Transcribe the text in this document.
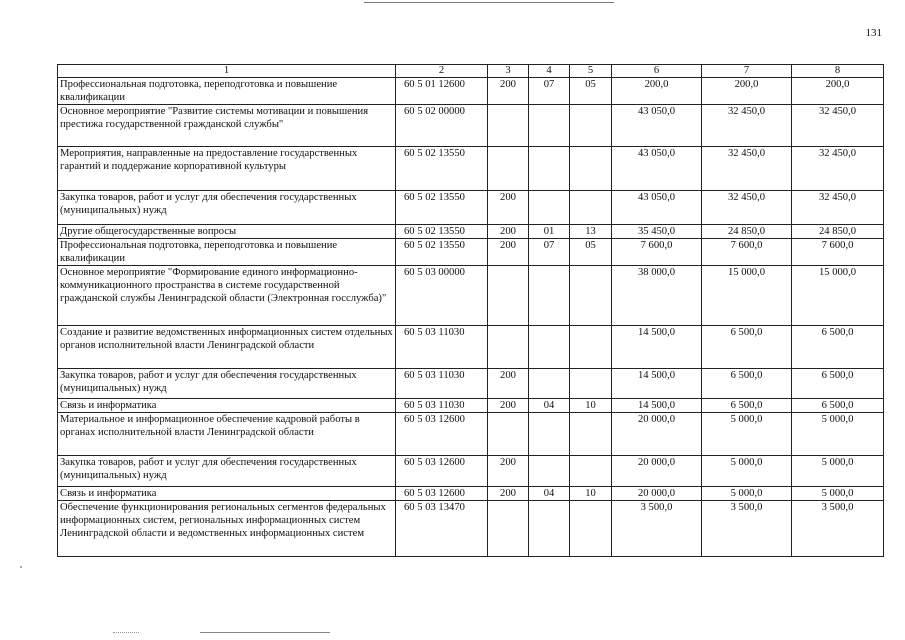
131
1	2	3	4	5	6	7	8
Профессиональная подготовка, переподготовка и повышение квалификации	60 5 01 12600	200	07	05	200,0	200,0	200,0
Основное мероприятие "Развитие системы мотивации и повышения престижа государственной гражданской службы"	60 5 02 00000				43 050,0	32 450,0	32 450,0
Мероприятия, направленные на предоставление государственных гарантий и поддержание корпоративной культуры	60 5 02 13550				43 050,0	32 450,0	32 450,0
Закупка товаров, работ и услуг для обеспечения государственных (муниципальных) нужд	60 5 02 13550	200			43 050,0	32 450,0	32 450,0
Другие общегосударственные вопросы	60 5 02 13550	200	01	13	35 450,0	24 850,0	24 850,0
Профессиональная подготовка, переподготовка и повышение квалификации	60 5 02 13550	200	07	05	7 600,0	7 600,0	7 600,0
Основное мероприятие "Формирование единого информационно-коммуникационного пространства в системе государственной гражданской службы Ленинградской области (Электронная госслужба)"	60 5 03 00000				38 000,0	15 000,0	15 000,0
Создание и развитие ведомственных информационных систем отдельных органов исполнительной власти Ленинградской области	60 5 03 11030				14 500,0	6 500,0	6 500,0
Закупка товаров, работ и услуг для обеспечения государственных (муниципальных) нужд	60 5 03 11030	200			14 500,0	6 500,0	6 500,0
Связь и информатика	60 5 03 11030	200	04	10	14 500,0	6 500,0	6 500,0
Материальное и информационное обеспечение кадровой работы в органах исполнительной власти Ленинградской области	60 5 03 12600				20 000,0	5 000,0	5 000,0
Закупка товаров, работ и услуг для обеспечения государственных (муниципальных) нужд	60 5 03 12600	200			20 000,0	5 000,0	5 000,0
Связь и информатика	60 5 03 12600	200	04	10	20 000,0	5 000,0	5 000,0
Обеспечение функционирования региональных сегментов федеральных информационных систем, региональных информационных систем Ленинградской области и ведомственных информационных систем	60 5 03 13470				3 500,0	3 500,0	3 500,0
